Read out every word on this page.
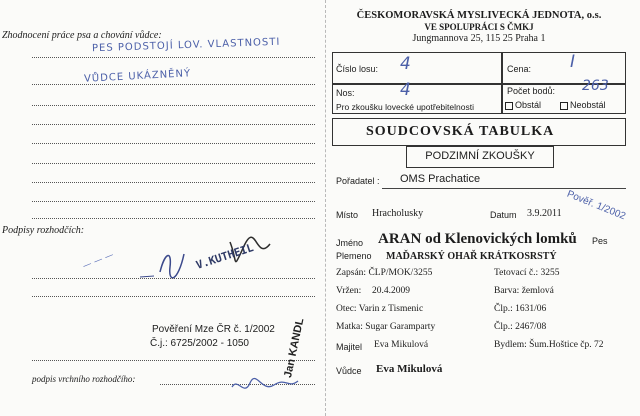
Zhodnocení práce psa a chování vůdce:
PES PODSTOJÍ LOV. VLASTNOSTI
VŮDCE UKÁZNĚNÝ
Podpisy rozhodčích:
V.KUTHEIL
Pověření Mze ČR č. 1/2002
Č.j.: 6725/2002 - 1050
podpis vrchního rozhodčího:
Jan KANDL
ČESKOMORAVSKÁ MYSLIVECKÁ JEDNOTA, o.s.
VE SPOLUPRÁCI S ČMKJ
Jungmannova 25, 115 25 Praha 1
Číslo losu: 4	Cena: I
Nos:	4	Počet bodů: 263
Pro zkoušku lovecké upotřebitelnosti	Obstál	Neobstál
SOUDCOVSKÁ TABULKA
PODZIMNÍ ZKOUŠKY
Pořadatel : OMS Prachatice
Pověř. 1/2002
Místo Hracholusky	Datum 3.9.2011
Jméno ARAN od Klenovických lomků Pes
Plemeno MAĎARSKÝ OHAŘ KRÁTKOSRSTÝ
Zapsán: ČLP/MOK/3255	Tetovací č.: 3255
Vržen: 20.4.2009	Barva: žemlová
Otec: Varin z Tismenic	Člp.: 1631/06
Matka: Sugar Garamparty	Člp.: 2467/08
Majitel Eva Mikulová	Bydlem: Šum.Hoštice čp. 72
Vůdce Eva Mikulová
— — —
